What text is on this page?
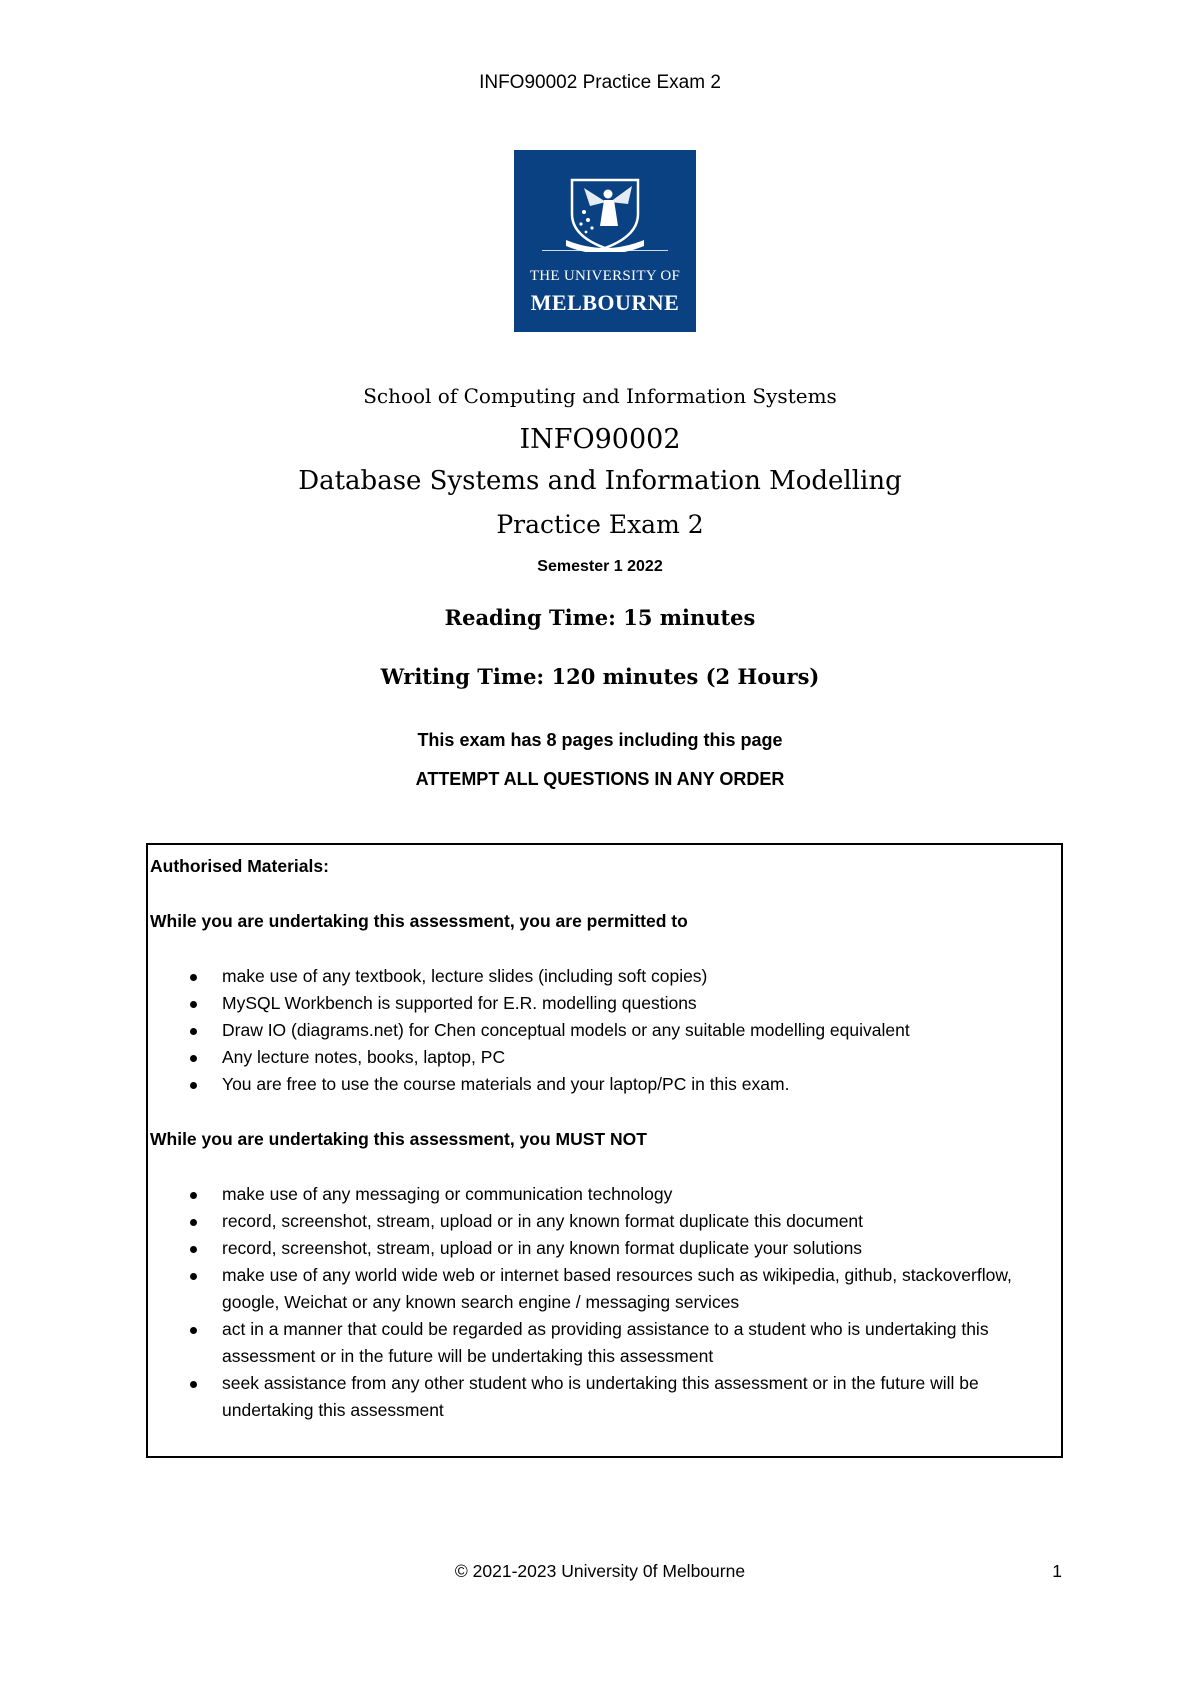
INFO90002 Practice Exam 2
THE UNIVERSITY OF
MELBOURNE
School of Computing and Information Systems
INFO90002
Database Systems and Information Modelling
Practice Exam 2
Semester 1 2022
Reading Time: 15 minutes
Writing Time: 120 minutes (2 Hours)
This exam has 8 pages including this page
ATTEMPT ALL QUESTIONS IN ANY ORDER

Authorised Materials:

While you are undertaking this assessment, you are permitted to

make use of any textbook, lecture slides (including soft copies)
MySQL Workbench is supported for E.R. modelling questions
Draw IO (diagrams.net) for Chen conceptual models or any suitable modelling equivalent
Any lecture notes, books, laptop, PC
You are free to use the course materials and your laptop/PC in this exam.

While you are undertaking this assessment, you MUST NOT

make use of any messaging or communication technology
record, screenshot, stream, upload or in any known format duplicate this document
record, screenshot, stream, upload or in any known format duplicate your solutions
make use of any world wide web or internet based resources such as wikipedia, github, stackoverflow, google, Weichat or any known search engine / messaging services
act in a manner that could be regarded as providing assistance to a student who is undertaking this assessment or in the future will be undertaking this assessment
seek assistance from any other student who is undertaking this assessment or in the future will be undertaking this assessment
© 2021-2023 University 0f Melbourne	1
